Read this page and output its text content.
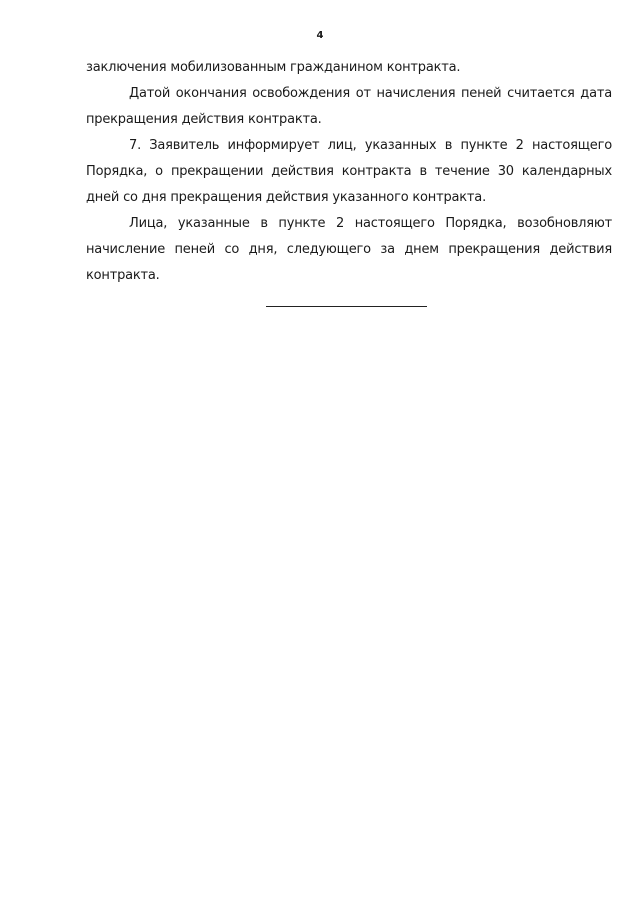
4

заключения мобилизованным гражданином контракта.

Датой окончания освобождения от начисления пеней считается дата прекращения действия контракта.

7. Заявитель информирует лиц, указанных в пункте 2 настоящего Порядка, о прекращении действия контракта в течение 30 календарных дней со дня прекращения действия указанного контракта.

Лица, указанные в пункте 2 настоящего Порядка, возобновляют начисление пеней со дня, следующего за днем прекращения действия контракта.
